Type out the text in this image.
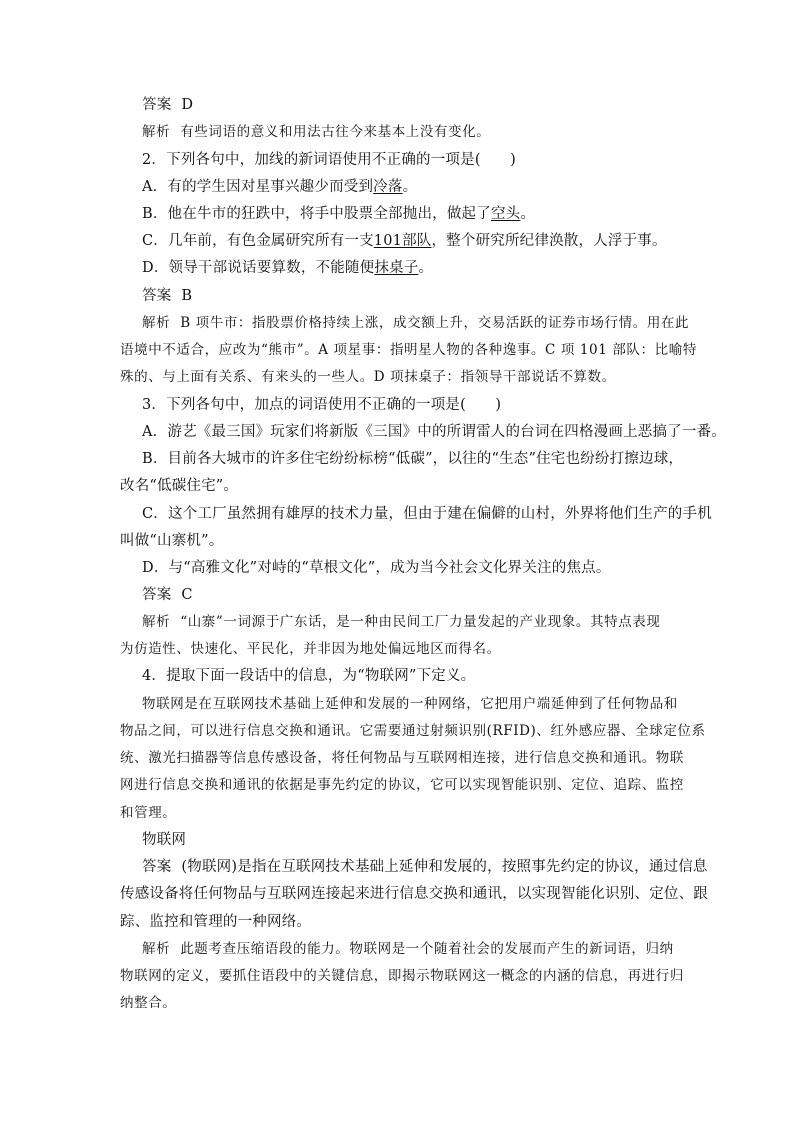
答案 D
解析 有些词语的意义和用法古往今来基本上没有变化。
2．下列各句中，加线的新词语使用不正确的一项是(　　)
A．有的学生因对星事兴趣少而受到冷落。
B．他在牛市的狂跌中，将手中股票全部抛出，做起了空头。
C．几年前，有色金属研究所有一支101部队，整个研究所纪律涣散，人浮于事。
D．领导干部说话要算数，不能随便抹桌子。
答案 B
解析 B 项牛市：指股票价格持续上涨，成交额上升，交易活跃的证券市场行情。用在此
语境中不适合，应改为“熊市”。A 项星事：指明星人物的各种逸事。C 项 101 部队：比喻特
殊的、与上面有关系、有来头的一些人。D 项抹桌子：指领导干部说话不算数。
3．下列各句中，加点的词语使用不正确的一项是(　　)
A．游艺《最三国》玩家们将新版《三国》中的所谓雷人的台词在四格漫画上恶搞了一番。
B．目前各大城市的许多住宅纷纷标榜“低碳”，以往的“生态”住宅也纷纷打擦边球，
改名“低碳住宅”。
C．这个工厂虽然拥有雄厚的技术力量，但由于建在偏僻的山村，外界将他们生产的手机
叫做“山寨机”。
D．与“高雅文化”对峙的“草根文化”，成为当今社会文化界关注的焦点。
答案 C
解析 “山寨”一词源于广东话，是一种由民间工厂力量发起的产业现象。其特点表现
为仿造性、快速化、平民化，并非因为地处偏远地区而得名。
4．提取下面一段话中的信息，为“物联网”下定义。
物联网是在互联网技术基础上延伸和发展的一种网络，它把用户端延伸到了任何物品和
物品之间，可以进行信息交换和通讯。它需要通过射频识别(RFID)、红外感应器、全球定位系
统、激光扫描器等信息传感设备，将任何物品与互联网相连接，进行信息交换和通讯。物联
网进行信息交换和通讯的依据是事先约定的协议，它可以实现智能识别、定位、追踪、监控
和管理。
物联网
答案 (物联网)是指在互联网技术基础上延伸和发展的，按照事先约定的协议，通过信息
传感设备将任何物品与互联网连接起来进行信息交换和通讯，以实现智能化识别、定位、跟
踪、监控和管理的一种网络。
解析 此题考查压缩语段的能力。物联网是一个随着社会的发展而产生的新词语，归纳
物联网的定义，要抓住语段中的关键信息，即揭示物联网这一概念的内涵的信息，再进行归
纳整合。
